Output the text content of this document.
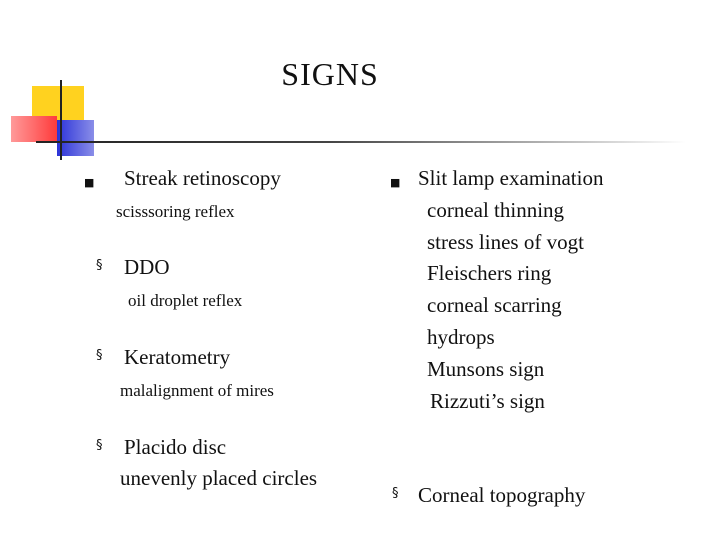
SIGNS
■ Streak retinoscopy
scisssoring reflex
§ DDO
oil droplet reflex
§ Keratometry
malalignment of mires
§ Placido disc
unevenly placed circles
■ Slit lamp examination
corneal thinning
stress lines of vogt
Fleischers ring
corneal scarring
hydrops
Munsons sign
Rizzuti’s sign
§ Corneal topography
